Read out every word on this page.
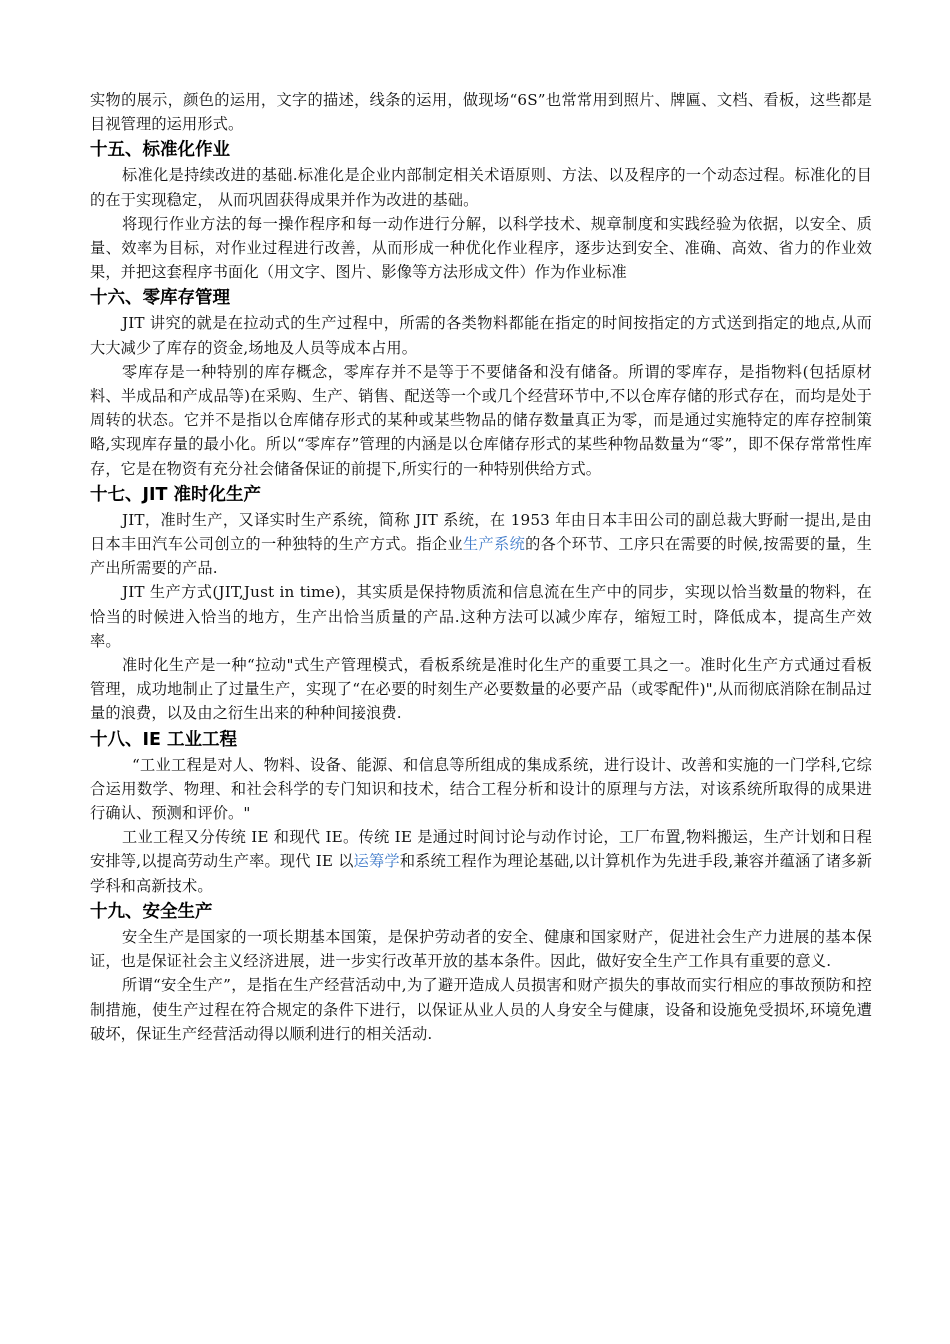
实物的展示，颜色的运用，文字的描述，线条的运用，做现场“6S”也常常用到照片、牌匾、文档、看板，这些都是目视管理的运用形式。

十五、标准化作业

标准化是持续改进的基础.标准化是企业内部制定相关术语原则、方法、以及程序的一个动态过程。标准化的目的在于实现稳定， 从而巩固获得成果并作为改进的基础。

将现行作业方法的每一操作程序和每一动作进行分解，以科学技术、规章制度和实践经验为依据，以安全、质量、效率为目标，对作业过程进行改善，从而形成一种优化作业程序，逐步达到安全、准确、高效、省力的作业效果，并把这套程序书面化（用文字、图片、影像等方法形成文件）作为作业标准

十六、零库存管理

JIT 讲究的就是在拉动式的生产过程中，所需的各类物料都能在指定的时间按指定的方式送到指定的地点,从而大大减少了库存的资金,场地及人员等成本占用。

零库存是一种特别的库存概念，零库存并不是等于不要储备和没有储备。所谓的零库存，是指物料(包括原材料、半成品和产成品等)在采购、生产、销售、配送等一个或几个经营环节中,不以仓库存储的形式存在，而均是处于周转的状态。它并不是指以仓库储存形式的某种或某些物品的储存数量真正为零，而是通过实施特定的库存控制策略,实现库存量的最小化。所以“零库存”管理的内涵是以仓库储存形式的某些种物品数量为“零”，即不保存常常性库存，它是在物资有充分社会储备保证的前提下,所实行的一种特别供给方式。

十七、JIT 准时化生产

JIT，准时生产，又译实时生产系统，简称 JIT 系统，在 1953 年由日本丰田公司的副总裁大野耐一提出,是由日本丰田汽车公司创立的一种独特的生产方式。指企业生产系统的各个环节、工序只在需要的时候,按需要的量，生产出所需要的产品.

JIT 生产方式(JIT,Just in time)，其实质是保持物质流和信息流在生产中的同步，实现以恰当数量的物料，在恰当的时候进入恰当的地方，生产出恰当质量的产品.这种方法可以减少库存，缩短工时，降低成本，提高生产效率。

准时化生产是一种“拉动"式生产管理模式，看板系统是准时化生产的重要工具之一。准时化生产方式通过看板管理，成功地制止了过量生产，实现了“在必要的时刻生产必要数量的必要产品（或零配件)",从而彻底消除在制品过量的浪费，以及由之衍生出来的种种间接浪费.

十八、IE 工业工程

“工业工程是对人、物料、设备、能源、和信息等所组成的集成系统，进行设计、改善和实施的一门学科,它综合运用数学、物理、和社会科学的专门知识和技术，结合工程分析和设计的原理与方法，对该系统所取得的成果进行确认、预测和评价。"

工业工程又分传统 IE 和现代 IE。传统 IE 是通过时间讨论与动作讨论，工厂布置,物料搬运，生产计划和日程安排等,以提高劳动生产率。现代 IE 以运筹学和系统工程作为理论基础,以计算机作为先进手段,兼容并蕴涵了诸多新学科和高新技术。

十九、安全生产

安全生产是国家的一项长期基本国策，是保护劳动者的安全、健康和国家财产，促进社会生产力进展的基本保证，也是保证社会主义经济进展，进一步实行改革开放的基本条件。因此，做好安全生产工作具有重要的意义.

所谓“安全生产”，是指在生产经营活动中,为了避开造成人员损害和财产损失的事故而实行相应的事故预防和控制措施，使生产过程在符合规定的条件下进行，以保证从业人员的人身安全与健康，设备和设施免受损坏,环境免遭破坏，保证生产经营活动得以顺利进行的相关活动.
